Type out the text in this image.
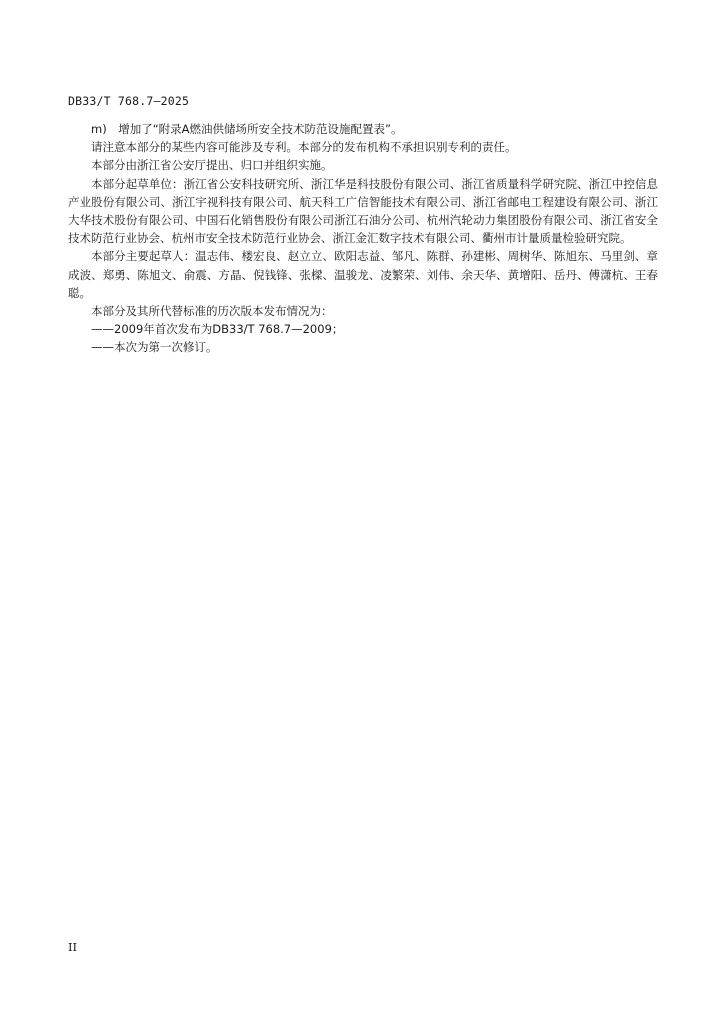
DB33/T 768.7—2025

m)　增加了“附录A燃油供储场所安全技术防范设施配置表”。

请注意本部分的某些内容可能涉及专利。本部分的发布机构不承担识别专利的责任。

本部分由浙江省公安厅提出、归口并组织实施。

本部分起草单位：浙江省公安科技研究所、浙江华是科技股份有限公司、浙江省质量科学研究院、浙江中控信息产业股份有限公司、浙江宇视科技有限公司、航天科工广信智能技术有限公司、浙江省邮电工程建设有限公司、浙江大华技术股份有限公司、中国石化销售股份有限公司浙江石油分公司、杭州汽轮动力集团股份有限公司、浙江省安全技术防范行业协会、杭州市安全技术防范行业协会、浙江金汇数字技术有限公司、衢州市计量质量检验研究院。

本部分主要起草人：温志伟、楼宏良、赵立立、欧阳志益、邹凡、陈群、孙建彬、周树华、陈旭东、马里剑、章成波、郑勇、陈旭文、俞震、方晶、倪钱锋、张樑、温骏龙、凌繁荣、刘伟、余天华、黄增阳、岳丹、傅潇杭、王春聪。

本部分及其所代替标准的历次版本发布情况为：

——2009年首次发布为DB33/T 768.7—2009；

——本次为第一次修订。

II
